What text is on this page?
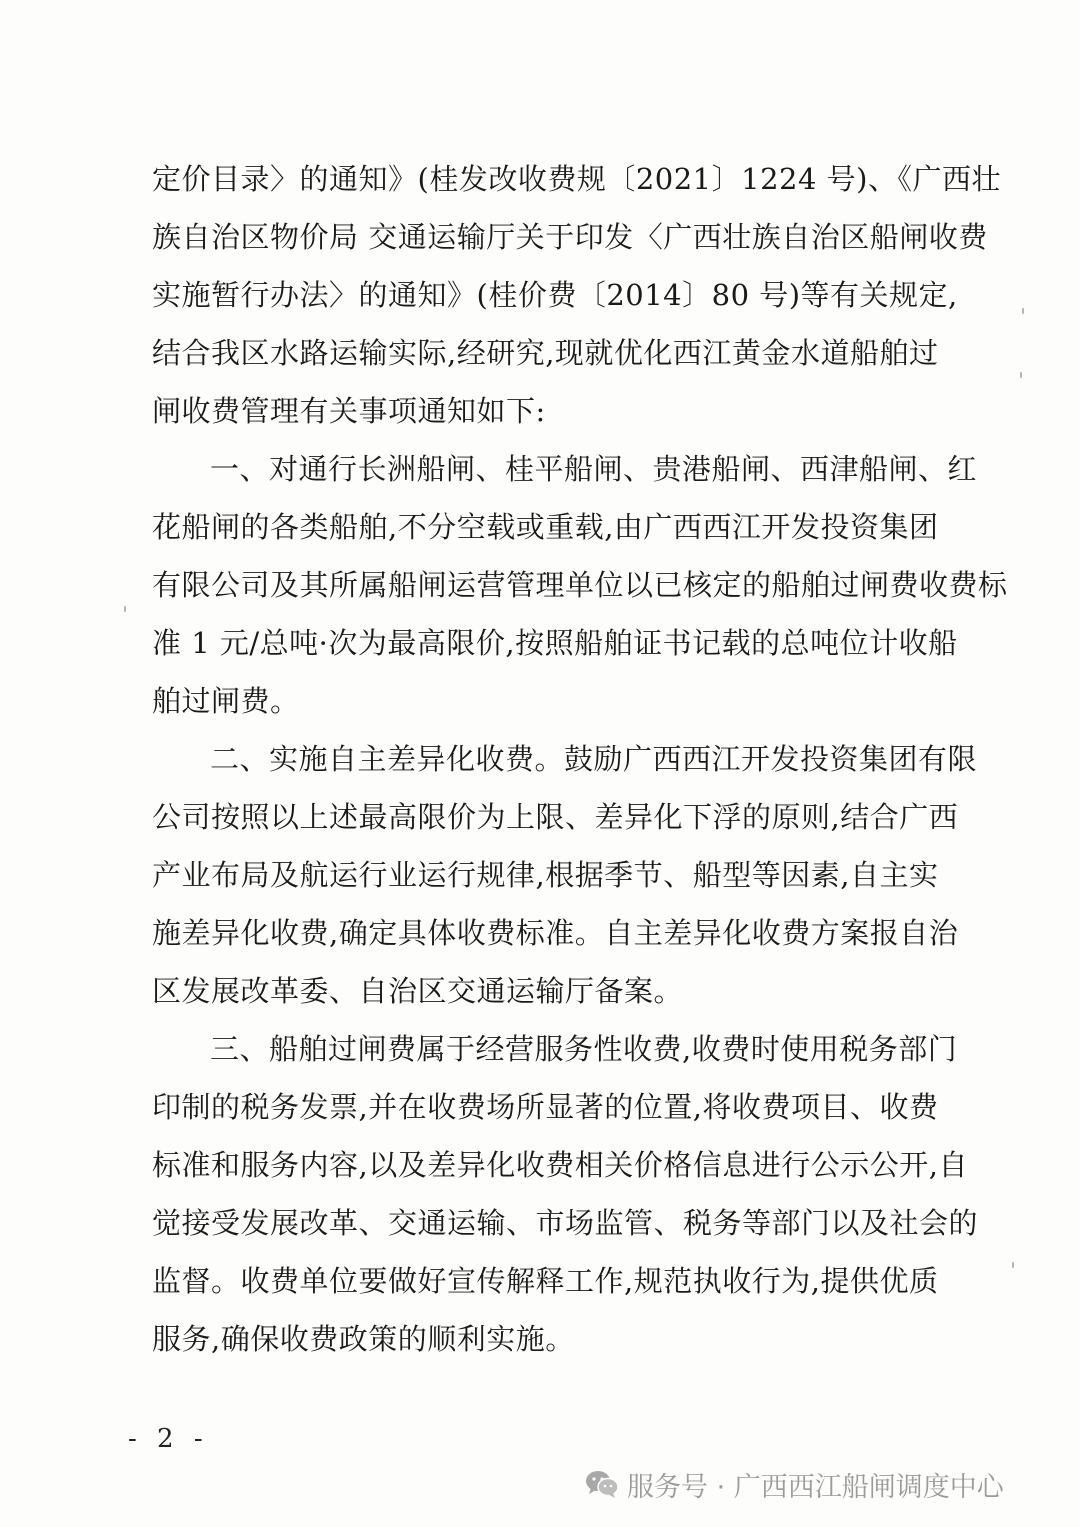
定价目录〉的通知》(桂发改收费规〔2021〕1224 号)、《广西壮
族自治区物价局 交通运输厅关于印发〈广西壮族自治区船闸收费
实施暂行办法〉的通知》(桂价费〔2014〕80 号)等有关规定,
结合我区水路运输实际,经研究,现就优化西江黄金水道船舶过
闸收费管理有关事项通知如下:
一、对通行长洲船闸、桂平船闸、贵港船闸、西津船闸、红
花船闸的各类船舶,不分空载或重载,由广西西江开发投资集团
有限公司及其所属船闸运营管理单位以已核定的船舶过闸费收费标
准 1 元/总吨·次为最高限价,按照船舶证书记载的总吨位计收船
舶过闸费。
二、实施自主差异化收费。鼓励广西西江开发投资集团有限
公司按照以上述最高限价为上限、差异化下浮的原则,结合广西
产业布局及航运行业运行规律,根据季节、船型等因素,自主实
施差异化收费,确定具体收费标准。自主差异化收费方案报自治
区发展改革委、自治区交通运输厅备案。
三、船舶过闸费属于经营服务性收费,收费时使用税务部门
印制的税务发票,并在收费场所显著的位置,将收费项目、收费
标准和服务内容,以及差异化收费相关价格信息进行公示公开,自
觉接受发展改革、交通运输、市场监管、税务等部门以及社会的
监督。收费单位要做好宣传解释工作,规范执收行为,提供优质
服务,确保收费政策的顺利实施。
- 2 -
服务号 · 广西西江船闸调度中心
